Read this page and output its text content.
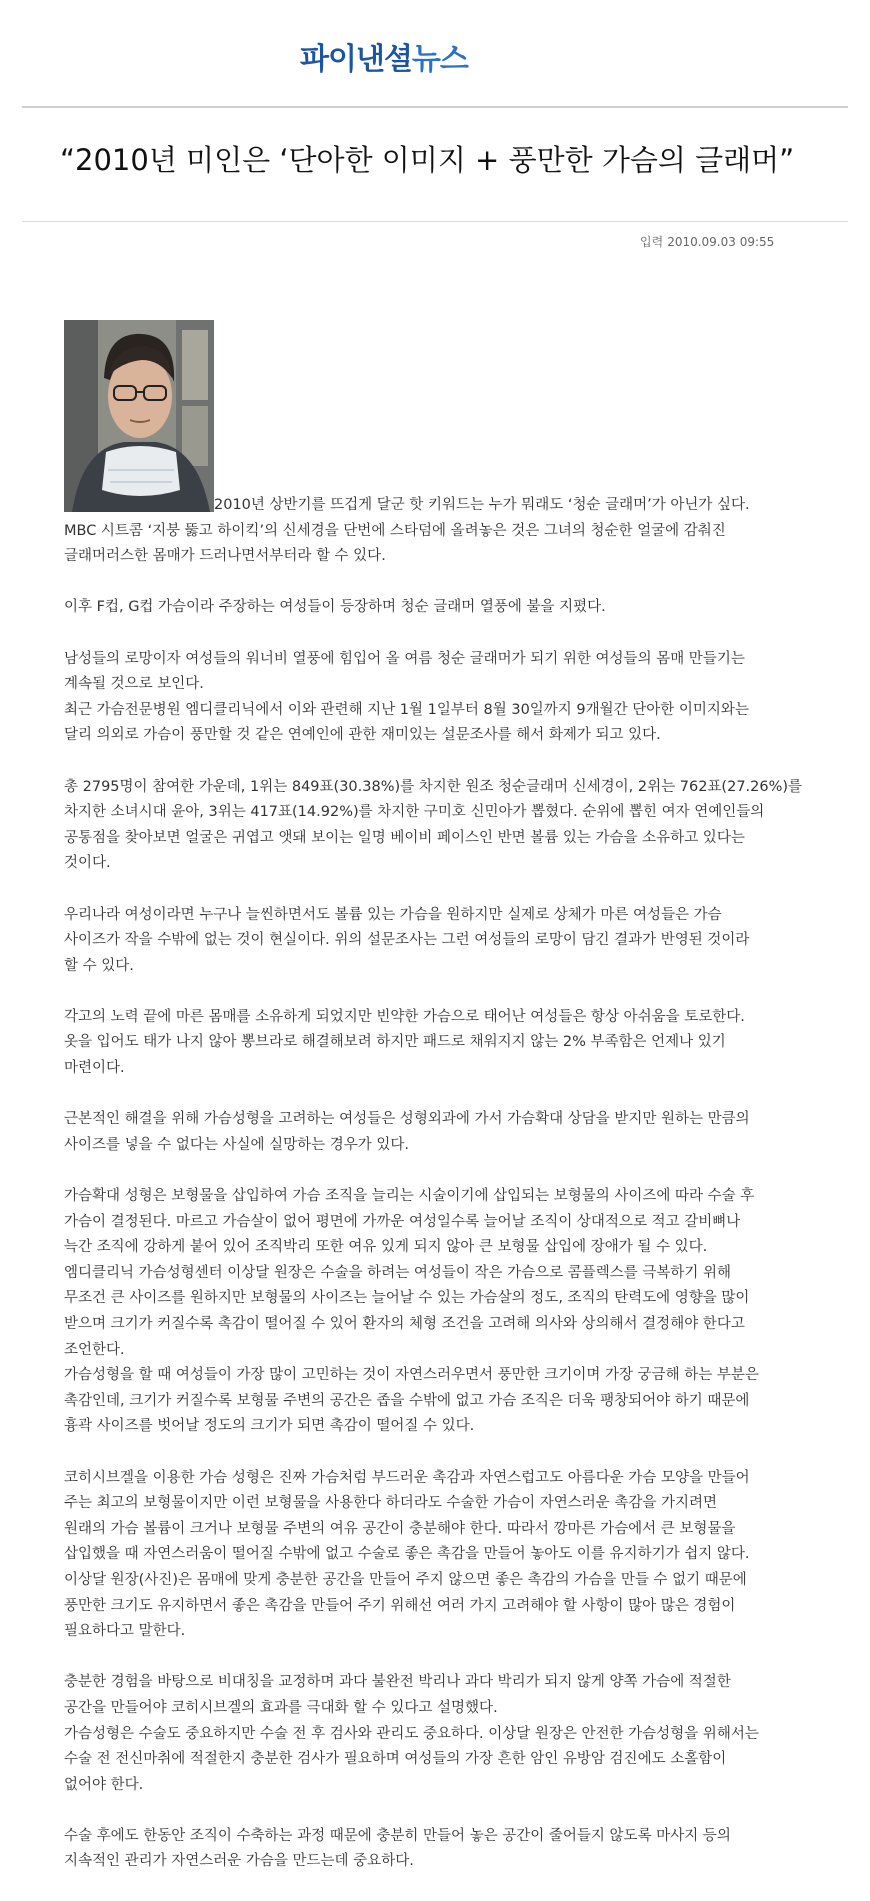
파이낸셜뉴스
“2010년 미인은 ‘단아한 이미지 + 풍만한 가슴의 글래머”
입력 2010.09.03 09:55

2010년 상반기를 뜨겁게 달군 핫 키워드는 누가 뭐래도 ‘청순 글래머’가 아닌가 싶다.
MBC 시트콤 ‘지붕 뚫고 하이킥’의 신세경을 단번에 스타덤에 올려놓은 것은 그녀의 청순한 얼굴에 감춰진
글래머러스한 몸매가 드러나면서부터라 할 수 있다.

이후 F컵, G컵 가슴이라 주장하는 여성들이 등장하며 청순 글래머 열풍에 불을 지폈다.

남성들의 로망이자 여성들의 워너비 열풍에 힘입어 올 여름 청순 글래머가 되기 위한 여성들의 몸매 만들기는
계속될 것으로 보인다.
최근 가슴전문병원 엠디클리닉에서 이와 관련해 지난 1월 1일부터 8월 30일까지 9개월간 단아한 이미지와는
달리 의외로 가슴이 풍만할 것 같은 연예인에 관한 재미있는 설문조사를 해서 화제가 되고 있다.

총 2795명이 참여한 가운데, 1위는 849표(30.38%)를 차지한 원조 청순글래머 신세경이, 2위는 762표(27.26%)를
차지한 소녀시대 윤아, 3위는 417표(14.92%)를 차지한 구미호 신민아가 뽑혔다. 순위에 뽑힌 여자 연예인들의
공통점을 찾아보면 얼굴은 귀엽고 앳돼 보이는 일명 베이비 페이스인 반면 볼륨 있는 가슴을 소유하고 있다는
것이다.

우리나라 여성이라면 누구나 늘씬하면서도 볼륨 있는 가슴을 원하지만 실제로 상체가 마른 여성들은 가슴
사이즈가 작을 수밖에 없는 것이 현실이다. 위의 설문조사는 그런 여성들의 로망이 담긴 결과가 반영된 것이라
할 수 있다.

각고의 노력 끝에 마른 몸매를 소유하게 되었지만 빈약한 가슴으로 태어난 여성들은 항상 아쉬움을 토로한다.
옷을 입어도 태가 나지 않아 뽕브라로 해결해보려 하지만 패드로 채워지지 않는 2% 부족함은 언제나 있기
마련이다.

근본적인 해결을 위해 가슴성형을 고려하는 여성들은 성형외과에 가서 가슴확대 상담을 받지만 원하는 만큼의
사이즈를 넣을 수 없다는 사실에 실망하는 경우가 있다.

가슴확대 성형은 보형물을 삽입하여 가슴 조직을 늘리는 시술이기에 삽입되는 보형물의 사이즈에 따라 수술 후
가슴이 결정된다. 마르고 가슴살이 없어 평면에 가까운 여성일수록 늘어날 조직이 상대적으로 적고 갈비뼈나
늑간 조직에 강하게 붙어 있어 조직박리 또한 여유 있게 되지 않아 큰 보형물 삽입에 장애가 될 수 있다.
엠디클리닉 가슴성형센터 이상달 원장은 수술을 하려는 여성들이 작은 가슴으로 콤플렉스를 극복하기 위해
무조건 큰 사이즈를 원하지만 보형물의 사이즈는 늘어날 수 있는 가슴살의 정도, 조직의 탄력도에 영향을 많이
받으며 크기가 커질수록 촉감이 떨어질 수 있어 환자의 체형 조건을 고려해 의사와 상의해서 결정해야 한다고
조언한다.
가슴성형을 할 때 여성들이 가장 많이 고민하는 것이 자연스러우면서 풍만한 크기이며 가장 궁금해 하는 부분은
촉감인데, 크기가 커질수록 보형물 주변의 공간은 좁을 수밖에 없고 가슴 조직은 더욱 팽창되어야 하기 때문에
흉곽 사이즈를 벗어날 정도의 크기가 되면 촉감이 떨어질 수 있다.

코히시브겔을 이용한 가슴 성형은 진짜 가슴처럼 부드러운 촉감과 자연스럽고도 아름다운 가슴 모양을 만들어
주는 최고의 보형물이지만 이런 보형물을 사용한다 하더라도 수술한 가슴이 자연스러운 촉감을 가지려면
원래의 가슴 볼륨이 크거나 보형물 주변의 여유 공간이 충분해야 한다. 따라서 깡마른 가슴에서 큰 보형물을
삽입했을 때 자연스러움이 떨어질 수밖에 없고 수술로 좋은 촉감을 만들어 놓아도 이를 유지하기가 쉽지 않다.
이상달 원장(사진)은 몸매에 맞게 충분한 공간을 만들어 주지 않으면 좋은 촉감의 가슴을 만들 수 없기 때문에
풍만한 크기도 유지하면서 좋은 촉감을 만들어 주기 위해선 여러 가지 고려해야 할 사항이 많아 많은 경험이
필요하다고 말한다.

충분한 경험을 바탕으로 비대칭을 교정하며 과다 불완전 박리나 과다 박리가 되지 않게 양쪽 가슴에 적절한
공간을 만들어야 코히시브겔의 효과를 극대화 할 수 있다고 설명했다.
가슴성형은 수술도 중요하지만 수술 전 후 검사와 관리도 중요하다. 이상달 원장은 안전한 가슴성형을 위해서는
수술 전 전신마취에 적절한지 충분한 검사가 필요하며 여성들의 가장 흔한 암인 유방암 검진에도 소홀함이
없어야 한다.

수술 후에도 한동안 조직이 수축하는 과정 때문에 충분히 만들어 놓은 공간이 줄어들지 않도록 마사지 등의
지속적인 관리가 자연스러운 가슴을 만드는데 중요하다.
